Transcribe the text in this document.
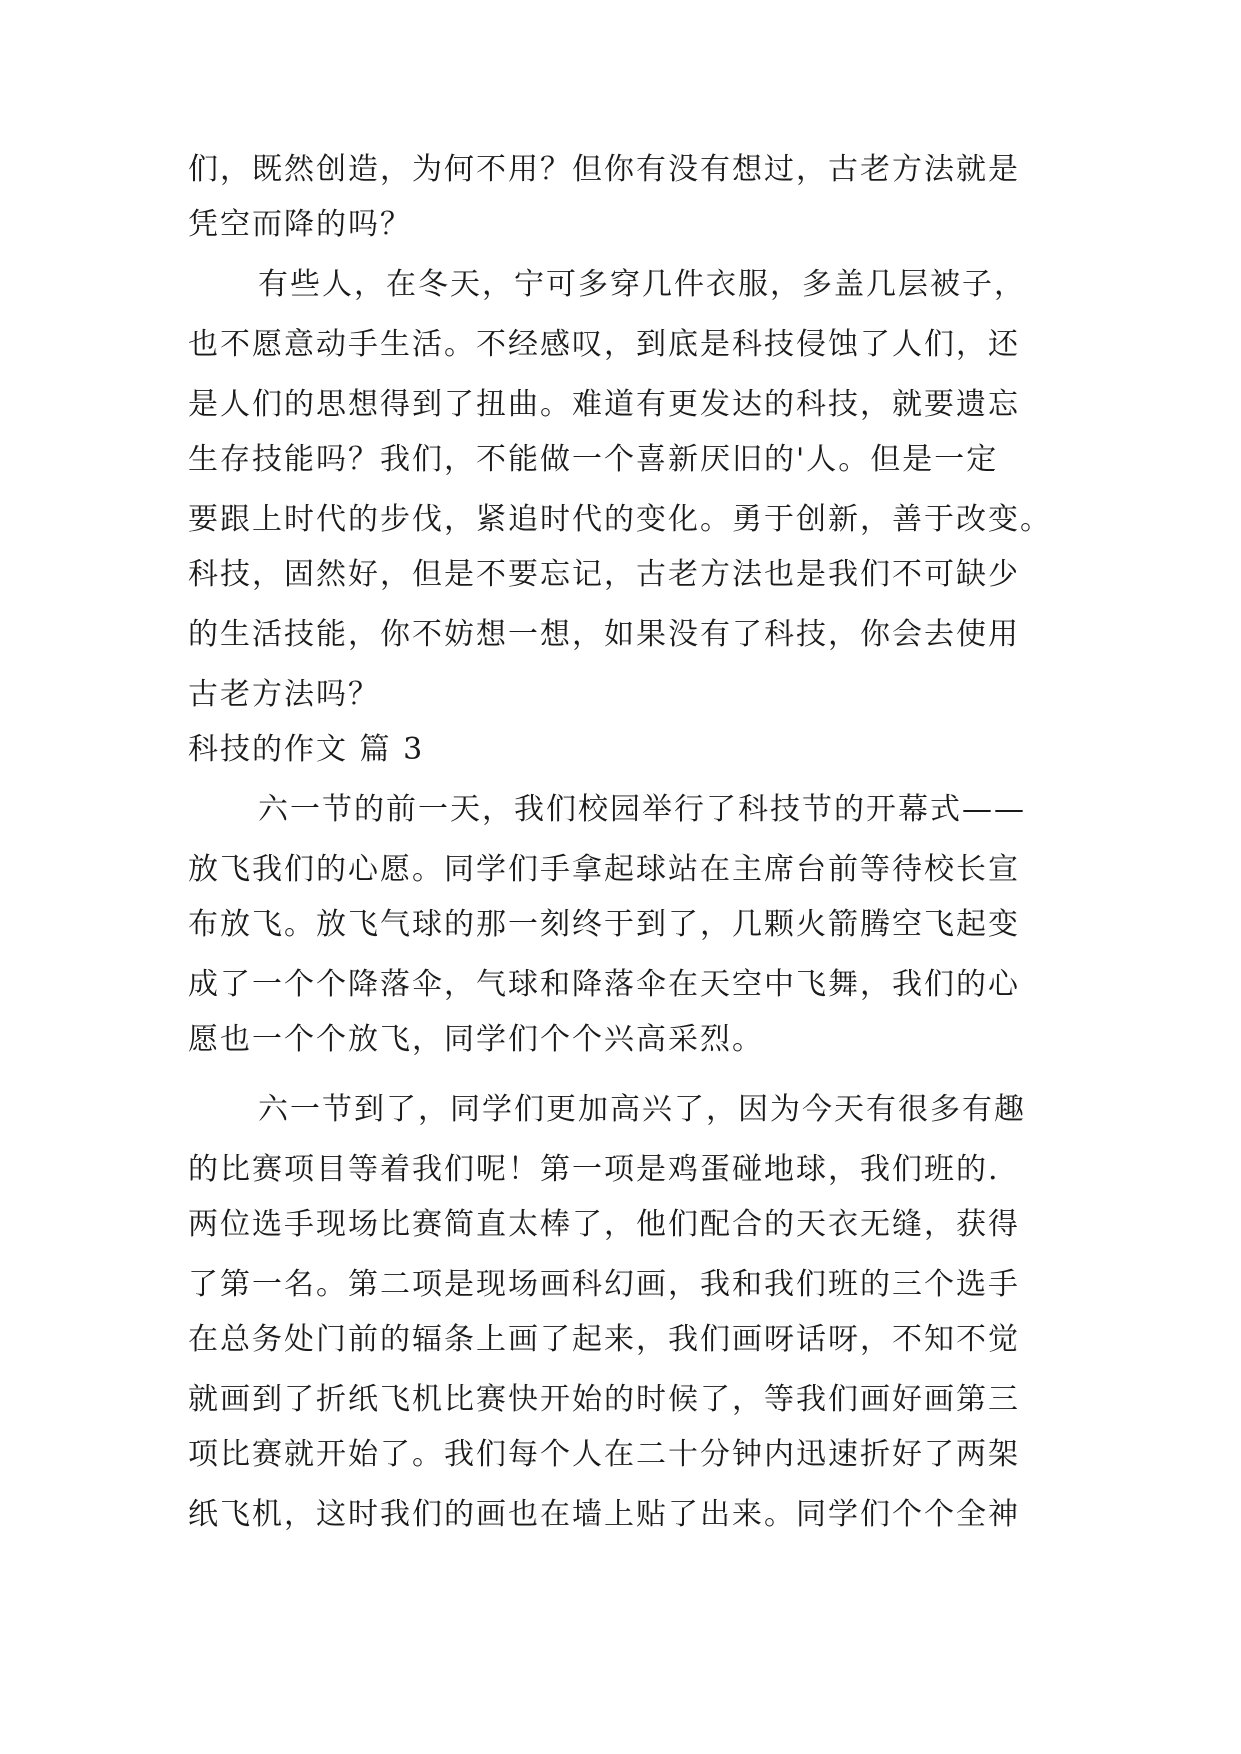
们，既然创造，为何不用？但你有没有想过，古老方法就是
凭空而降的吗？
有些人，在冬天，宁可多穿几件衣服，多盖几层被子，
也不愿意动手生活。不经感叹，到底是科技侵蚀了人们，还
是人们的思想得到了扭曲。难道有更发达的科技，就要遗忘
生存技能吗？我们，不能做一个喜新厌旧的'人。但是一定
要跟上时代的步伐，紧追时代的变化。勇于创新，善于改变。
科技，固然好，但是不要忘记，古老方法也是我们不可缺少
的生活技能，你不妨想一想，如果没有了科技，你会去使用
古老方法吗？
科技的作文 篇 3
六一节的前一天，我们校园举行了科技节的开幕式——
放飞我们的心愿。同学们手拿起球站在主席台前等待校长宣
布放飞。放飞气球的那一刻终于到了，几颗火箭腾空飞起变
成了一个个降落伞，气球和降落伞在天空中飞舞，我们的心
愿也一个个放飞，同学们个个兴高采烈。
六一节到了，同学们更加高兴了，因为今天有很多有趣
的比赛项目等着我们呢！第一项是鸡蛋碰地球，我们班的.
两位选手现场比赛简直太棒了，他们配合的天衣无缝，获得
了第一名。第二项是现场画科幻画，我和我们班的三个选手
在总务处门前的辐条上画了起来，我们画呀话呀，不知不觉
就画到了折纸飞机比赛快开始的时候了，等我们画好画第三
项比赛就开始了。我们每个人在二十分钟内迅速折好了两架
纸飞机，这时我们的画也在墙上贴了出来。同学们个个全神
